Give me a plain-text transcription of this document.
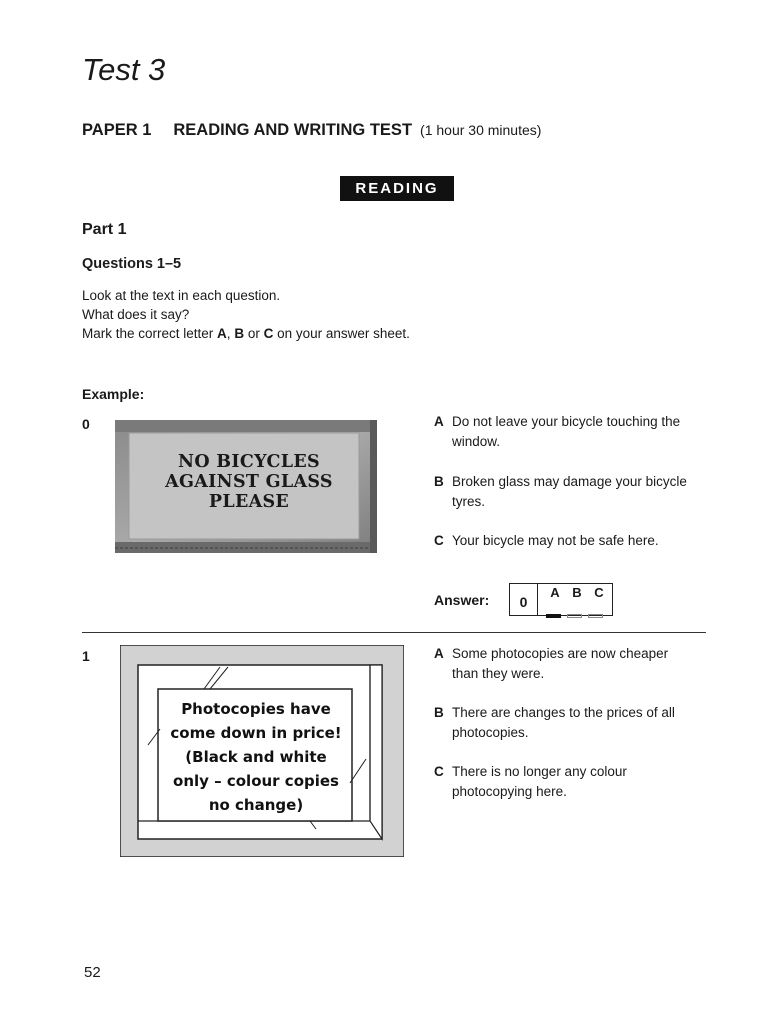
Test 3
PAPER 1 READING AND WRITING TEST (1 hour 30 minutes)
READING
Part 1
Questions 1–5
Look at the text in each question.
What does it say?
Mark the correct letter A, B or C on your answer sheet.
Example:
0
NO BICYCLES
AGAINST GLASS
PLEASE
A Do not leave your bicycle touching the
window.
B Broken glass may damage your bicycle
tyres.
C Your bicycle may not be safe here.
Answer:	0
A B C
1
Photocopies have
come down in price!
(Black and white
only – colour copies
no change)
A Some photocopies are now cheaper
than they were.
B There are changes to the prices of all
photocopies.
C There is no longer any colour
photocopying here.
52
